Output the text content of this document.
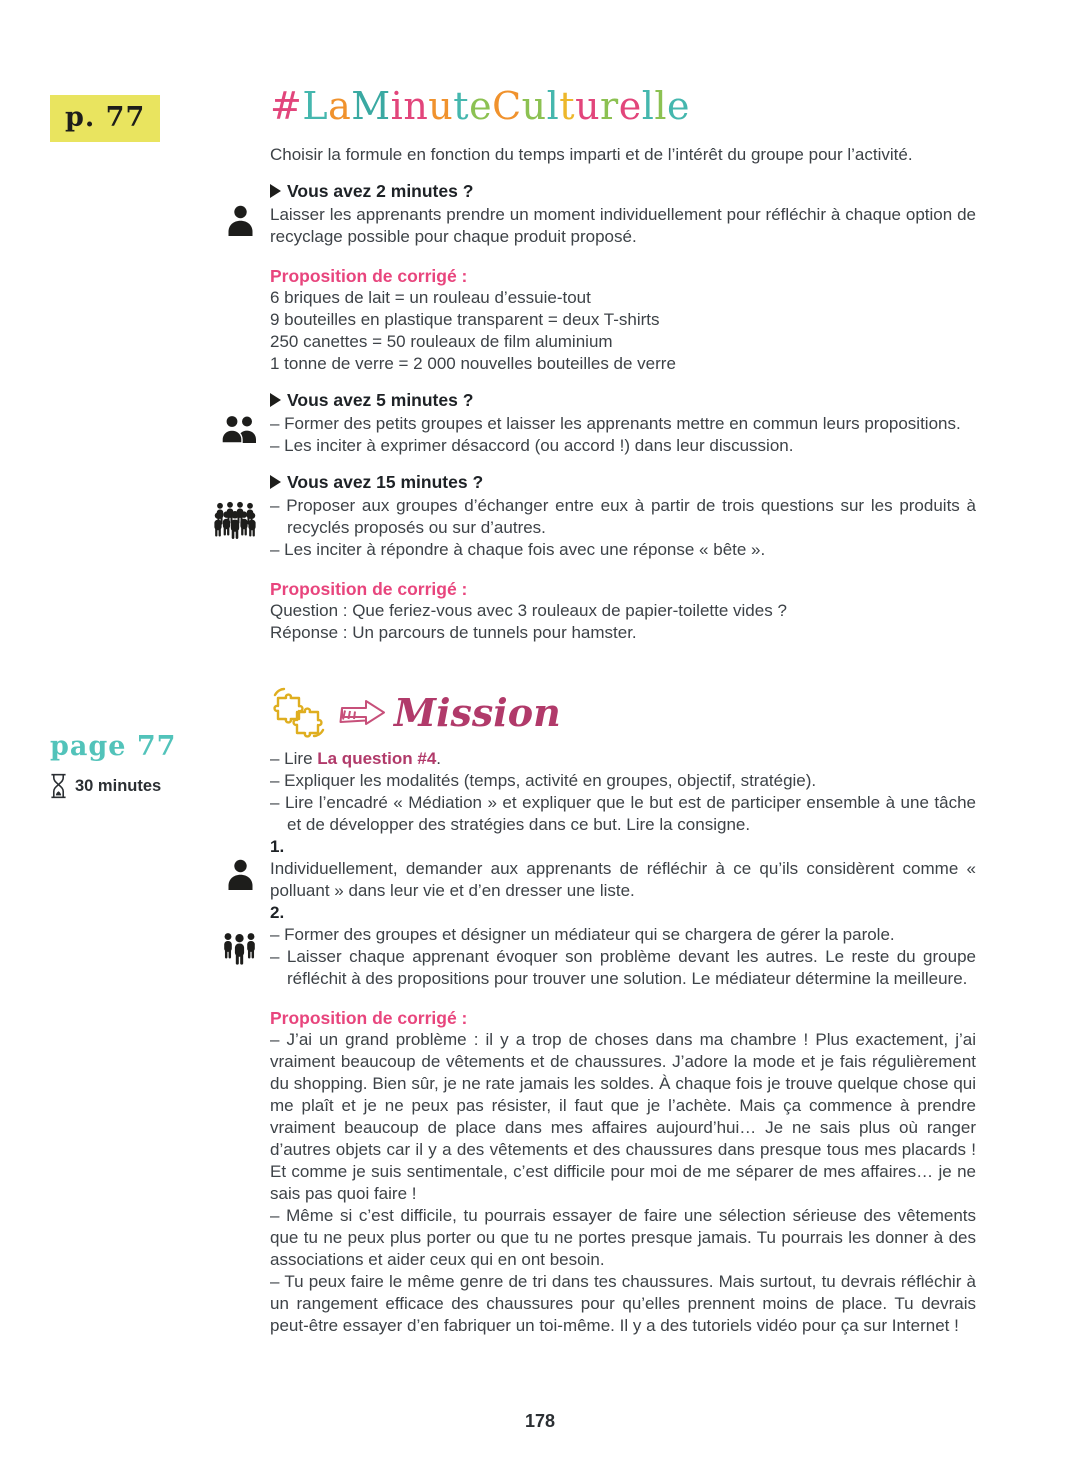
p. 77
page 77
30 minutes
#LaMinuteCulturelle

Choisir la formule en fonction du temps imparti et de l’intérêt du groupe pour l’activité.

Vous avez 2 minutes ?

Laisser les apprenants prendre un moment individuellement pour réfléchir à chaque option de recyclage possible pour chaque produit proposé.

Proposition de corrigé :

6 briques de lait = un rouleau d’essuie-tout

9 bouteilles en plastique transparent = deux T-shirts

250 canettes = 50 rouleaux de film aluminium

1 tonne de verre = 2 000 nouvelles bouteilles de verre

Vous avez 5 minutes ?

– Former des petits groupes et laisser les apprenants mettre en commun leurs propositions.

– Les inciter à exprimer désaccord (ou accord !) dans leur discussion.

Vous avez 15 minutes ?

– Proposer aux groupes d’échanger entre eux à partir de trois questions sur les produits à recyclés proposés ou sur d’autres.

– Les inciter à répondre à chaque fois avec une réponse « bête ».

Proposition de corrigé :

Question : Que feriez-vous avec 3 rouleaux de papier-toilette vides ?

Réponse : Un parcours de tunnels pour hamster.

Mission

– Lire La question #4.

– Expliquer les modalités (temps, activité en groupes, objectif, stratégie).

– Lire l’encadré « Médiation » et expliquer que le but est de participer ensemble à une tâche et de développer des stratégies dans ce but. Lire la consigne.

1.

Individuellement, demander aux apprenants de réfléchir à ce qu’ils considèrent comme « polluant » dans leur vie et d’en dresser une liste.

2.

– Former des groupes et désigner un médiateur qui se chargera de gérer la parole.

– Laisser chaque apprenant évoquer son problème devant les autres. Le reste du groupe réfléchit à des propositions pour trouver une solution. Le médiateur détermine la meilleure.

Proposition de corrigé :

– J’ai un grand problème : il y a trop de choses dans ma chambre ! Plus exactement, j’ai vraiment beaucoup de vêtements et de chaussures. J’adore la mode et je fais régulièrement du shopping. Bien sûr, je ne rate jamais les soldes. À chaque fois je trouve quelque chose qui me plaît et je ne peux pas résister, il faut que je l’achète. Mais ça commence à prendre vraiment beaucoup de place dans mes affaires aujourd’hui… Je ne sais plus où ranger d’autres objets car il y a des vêtements et des chaussures dans presque tous mes placards ! Et comme je suis sentimentale, c’est difficile pour moi de me séparer de mes affaires… je ne sais pas quoi faire !

– Même si c’est difficile, tu pourrais essayer de faire une sélection sérieuse des vêtements que tu ne peux plus porter ou que tu ne portes presque jamais. Tu pourrais les donner à des associations et aider ceux qui en ont besoin.

– Tu peux faire le même genre de tri dans tes chaussures. Mais surtout, tu devrais réfléchir à un rangement efficace des chaussures pour qu’elles prennent moins de place. Tu devrais peut-être essayer d’en fabriquer un toi-même. Il y a des tutoriels vidéo pour ça sur Internet !

178
